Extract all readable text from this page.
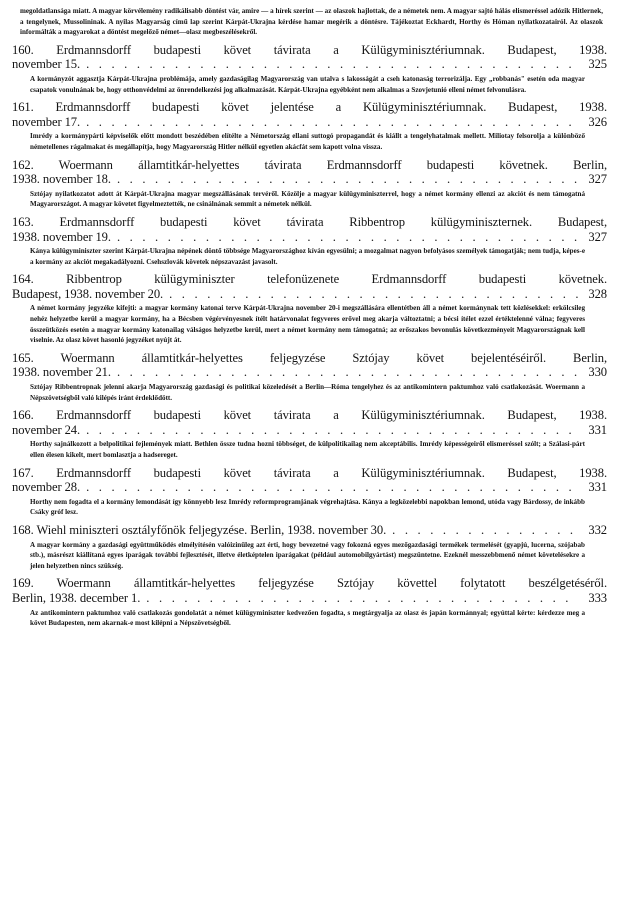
megoldatlansága miatt. A magyar körvélemény radikálisabb döntést vár, amire — a hírek szerint — az olaszok hajlottak, de a németek nem. A magyar sajtó hálás elismeréssel adózik Hitlernek, a tengelynek, Mussolininak. A nyilas Magyarság című lap szerint Kárpát-Ukrajna kérdése hamar megérik a döntésre. Tájékoztat Eckhardt, Horthy és Hóman nyilatkozatairól. Az olaszok informálták a magyarokat a döntést megelőző német—olasz megbeszélésekről.

160. Erdmannsdorff budapesti követ távirata a Külügyminisztériumnak. Budapest, 1938.
november 15. . . .	325

A kormányzót aggasztja Kárpát-Ukrajna problémája, amely gazdaságilag Magyarország van utalva s lakosságát a cseh katonaság terrorizálja. Egy „robbanás" esetén oda magyar csapatok vonulnának be, hogy otthonvédelmi az önrendelkezési jog alkalmazását. Kárpát-Ukrajna egyébként nem alkalmas a Szovjetunió elleni német felvonulásra.

161. Erdmannsdorff budapesti követ jelentése a Külügyminisztériumnak. Budapest, 1938.
november 17. . . .	326

Imrédy a kormánypárti képviselők előtt mondott beszédében elítélte a Németország ellani suttogó propagandát és kiállt a tengelyhatalmak mellett. Miliotay felsorolja a különböző németellenes rágalmakat és megállapítja, hogy Magyarország Hitler nélkül egyetlen akácfát sem kapott volna vissza.

162. Woermann államtitkár-helyettes távirata Erdmannsdorff budapesti követnek. Berlin,
1938. november 18. . . .	327

Sztójay nyilatkozatot adott át Kárpát-Ukrajna magyar megszállásának tervéről. Közölje a magyar külügyminiszterrel, hogy a német kormány ellenzi az akciót és nem támogatná Magyarországot. A magyar követet figyelmeztették, ne csinálnának semmit a németek nélkül.

163. Erdmannsdorff budapesti követ távirata Ribbentrop külügyminiszternek. Budapest,
1938. november 19. . . .	327

Kánya külügyminiszter szerint Kárpát-Ukrajna népének döntő többsége Magyarországhoz kíván egyesülni; a mozgalmat nagyon befolyásos személyek támogatják; nem tudja, képes-e a kormány az akciót megakadályozni. Csehszlovák követek népszavazást javasolt.

164. Ribbentrop külügyminiszter telefonüzenete Erdmannsdorff budapesti követnek.
Budapest, 1938. november 20. . . .	328

A német kormány jegyzéke kifejti: a magyar kormány katonai terve Kárpát-Ukrajna november 20-i megszállására ellentétben áll a német kormánynak tett közlésekkel: erkölcsileg nehéz helyzetbe kerül a magyar kormány, ha a Bécsben végérvényesnek ítélt határvonalat fegyveres erővel meg akarja változtatni; a bécsi ítélet ezzel értéktelenné válna; fegyveres összeütközés esetén a magyar kormány katonailag válságos helyzetbe kerül, mert a német kormány nem támogatná; az erőszakos bevonulás következményeit Magyarországnak kell viselnie. Az olasz követ hasonló jegyzéket nyújt át.

165. Woermann államtitkár-helyettes feljegyzése Sztójay követ bejelentéséiről. Berlin,
1938. november 21. . . .	330

Sztójay Ribbentropnak jelenni akarja Magyarország gazdasági és politikai közeledését a Berlin—Róma tengelyhez és az antikomintern paktumhoz való csatlakozását. Woermann a Népszövetségből való kilépés iránt érdeklődött.

166. Erdmannsdorff budapesti követ távirata a Külügyminisztériumnak. Budapest, 1938.
november 24. . . .	331

Horthy sajnálkozott a belpolitikai fejlemények miatt. Bethlen össze tudna hozni többséget, de külpolitikailag nem akceptábilis. Imrédy képességeiről elismeréssel szólt; a Szálasi-párt ellen élesen kikelt, mert bomlasztja a hadsereget.

167. Erdmannsdorff budapesti követ távirata a Külügyminisztériumnak. Budapest, 1938.
november 28. . . .	331

Horthy nem fogadta el a kormány lemondását így könnyebb lesz Imrédy reformprogramjának végrehajtása. Kánya a legközelebbi napokban lemond, utóda vagy Bárdossy, de inkább Csáky gróf lesz.

168. Wiehl miniszteri osztályfőnök feljegyzése. Berlin, 1938. november 30. . . .	332

A magyar kormány a gazdasági együttműködés elmélyítésén valóizinűleg azt érti, hogy bevezetné vagy fokozná egyes mezőgazdasági termékek termelését (gyapjú, lucerna, szójabab stb.), másrészt kiállítaná egyes iparágak további fejlesztését, illetve életképtelen iparágakat (például automobilgyártást) megszüntetne. Ezeknél messzebbmenő német követelésekre a jelen helyzetben nincs szükség.

169. Woermann államtitkár-helyettes feljegyzése Sztójay követtel folytatott beszélgetéséről.
Berlin, 1938. december 1. . . .	333

Az antikomintern paktumhoz való csatlakozás gondolatát a német külügyminiszter kedvezően fogadta, s megtárgyalja az olasz és japán kormánnyal; egyúttal kérte: kérdezze meg a követ Budapesten, nem akarnak-e most kilépni a Népszövetségből.
